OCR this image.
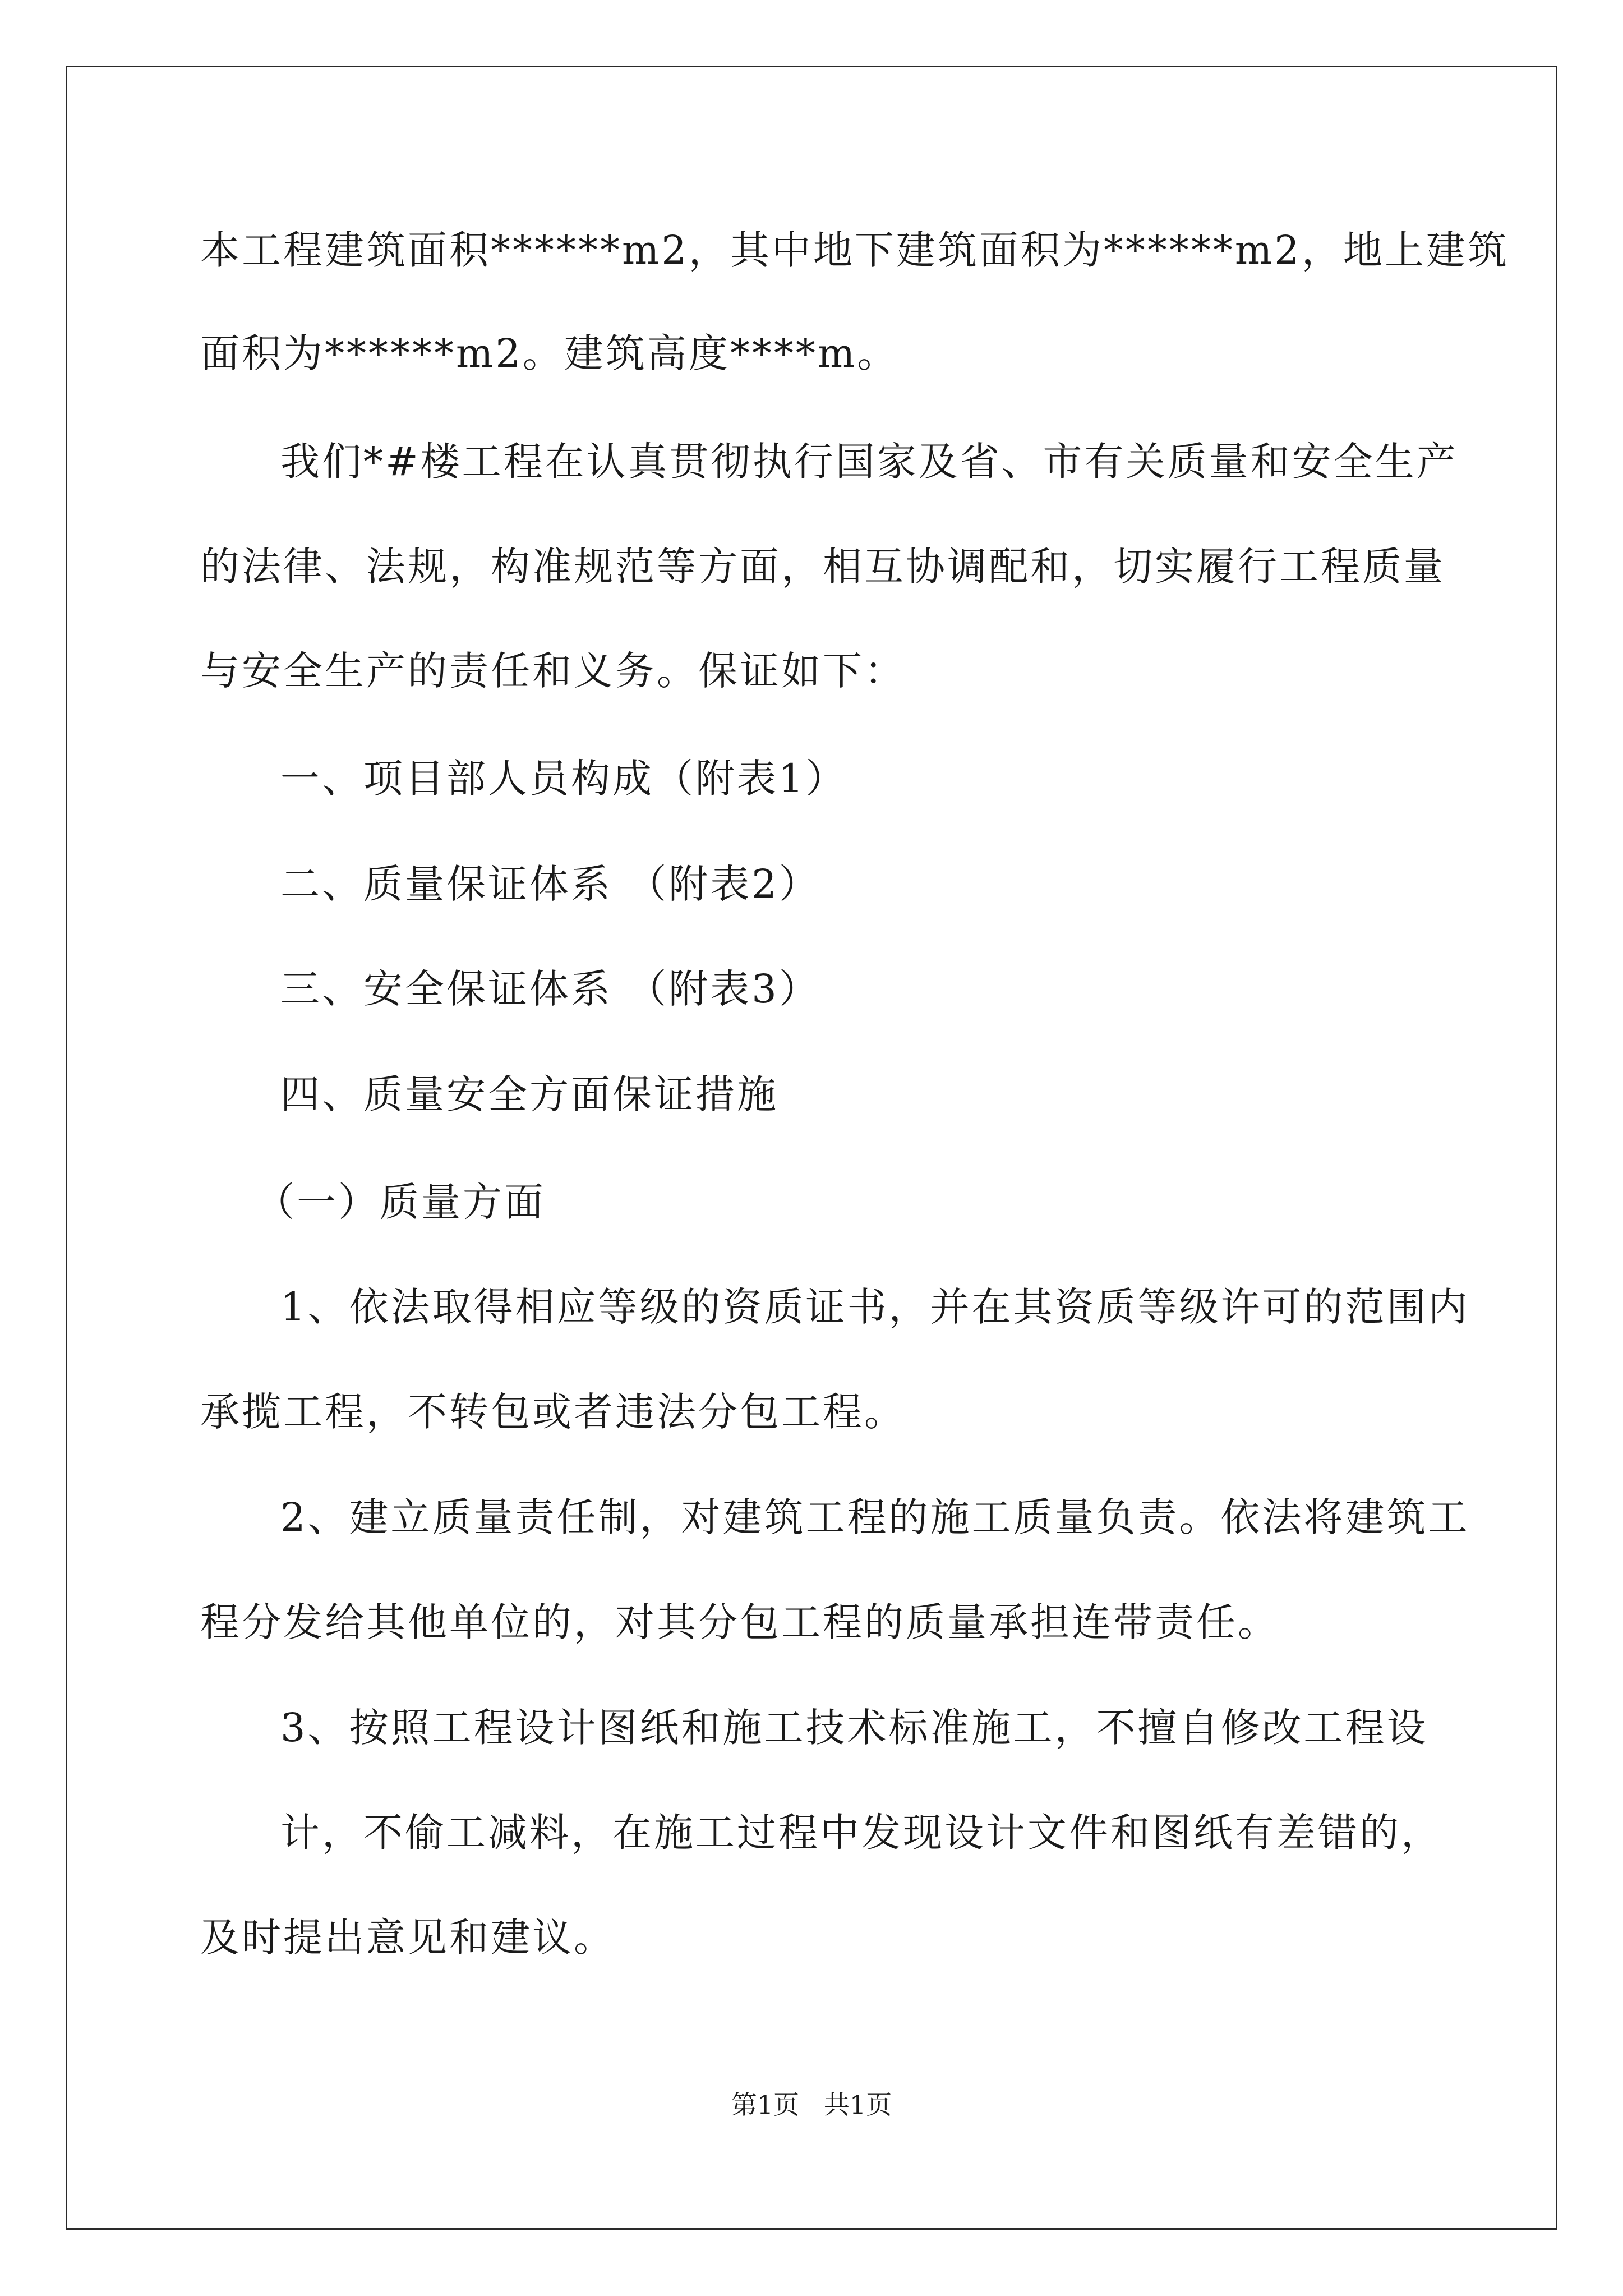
本工程建筑面积******m2，其中地下建筑面积为******m2，地上建筑
面积为******m2。建筑高度****m。
我们*#楼工程在认真贯彻执行国家及省、市有关质量和安全生产
的法律、法规，构准规范等方面，相互协调配和，切实履行工程质量
与安全生产的责任和义务。保证如下：
一、项目部人员构成（附表1）
二、质量保证体系 （附表2）
三、安全保证体系 （附表3）
四、质量安全方面保证措施
（一）质量方面
1、依法取得相应等级的资质证书，并在其资质等级许可的范围内
承揽工程，不转包或者违法分包工程。
2、建立质量责任制，对建筑工程的施工质量负责。依法将建筑工
程分发给其他单位的，对其分包工程的质量承担连带责任。
3、按照工程设计图纸和施工技术标准施工，不擅自修改工程设
计，不偷工减料，在施工过程中发现设计文件和图纸有差错的，
及时提出意见和建议。
第1页   共1页
